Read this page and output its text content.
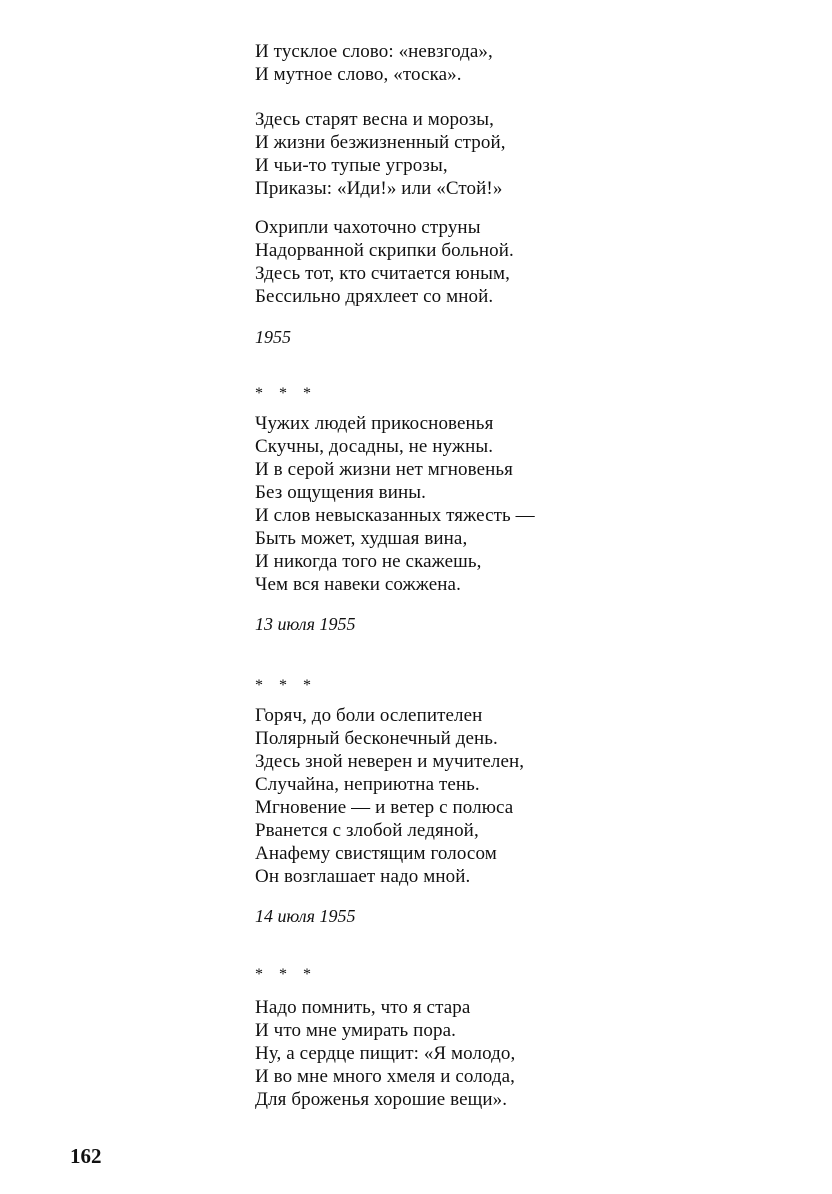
И тусклое слово: «невзгода»,
И мутное слово, «тоска».
Здесь старят весна и морозы,
И жизни безжизненный строй,
И чьи-то тупые угрозы,
Приказы: «Иди!» или «Стой!»
Охрипли чахоточно струны
Надорванной скрипки больной.
Здесь тот, кто считается юным,
Бессильно дряхлеет со мной.
1955
* * *
Чужих людей прикосновенья
Скучны, досадны, не нужны.
И в серой жизни нет мгновенья
Без ощущения вины.
И слов невысказанных тяжесть —
Быть может, худшая вина,
И никогда того не скажешь,
Чем вся навеки сожжена.
13 июля 1955
* * *
Горяч, до боли ослепителен
Полярный бесконечный день.
Здесь зной неверен и мучителен,
Случайна, неприютна тень.
Мгновение — и ветер с полюса
Рванется с злобой ледяной,
Анафему свистящим голосом
Он возглашает надо мной.
14 июля 1955
* * *
Надо помнить, что я стара
И что мне умирать пора.
Ну, а сердце пищит: «Я молодо,
И во мне много хмеля и солода,
Для броженья хорошие вещи».
162
